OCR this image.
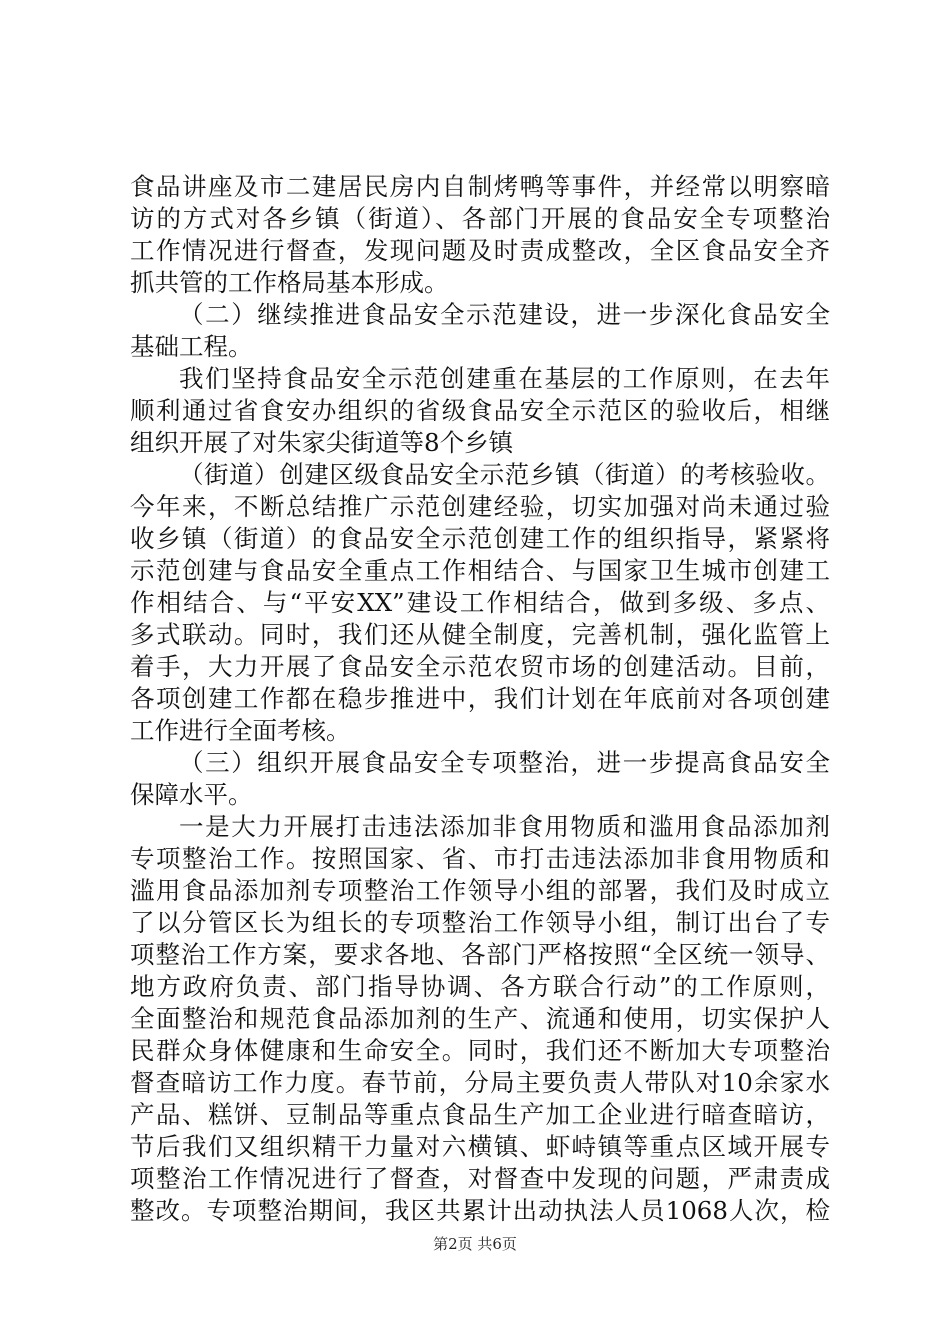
食品讲座及市二建居民房内自制烤鸭等事件，并经常以明察暗
访的方式对各乡镇（街道）、各部门开展的食品安全专项整治
工作情况进行督查，发现问题及时责成整改，全区食品安全齐
抓共管的工作格局基本形成。
（二）继续推进食品安全示范建设，进一步深化食品安全
基础工程。
我们坚持食品安全示范创建重在基层的工作原则，在去年
顺利通过省食安办组织的省级食品安全示范区的验收后，相继
组织开展了对朱家尖街道等8个乡镇
（街道）创建区级食品安全示范乡镇（街道）的考核验收。
今年来，不断总结推广示范创建经验，切实加强对尚未通过验
收乡镇（街道）的食品安全示范创建工作的组织指导，紧紧将
示范创建与食品安全重点工作相结合、与国家卫生城市创建工
作相结合、与“平安XX”建设工作相结合，做到多级、多点、
多式联动。同时，我们还从健全制度，完善机制，强化监管上
着手，大力开展了食品安全示范农贸市场的创建活动。目前，
各项创建工作都在稳步推进中，我们计划在年底前对各项创建
工作进行全面考核。
（三）组织开展食品安全专项整治，进一步提高食品安全
保障水平。
一是大力开展打击违法添加非食用物质和滥用食品添加剂
专项整治工作。按照国家、省、市打击违法添加非食用物质和
滥用食品添加剂专项整治工作领导小组的部署，我们及时成立
了以分管区长为组长的专项整治工作领导小组，制订出台了专
项整治工作方案，要求各地、各部门严格按照“全区统一领导、
地方政府负责、部门指导协调、各方联合行动”的工作原则，
全面整治和规范食品添加剂的生产、流通和使用，切实保护人
民群众身体健康和生命安全。同时，我们还不断加大专项整治
督查暗访工作力度。春节前，分局主要负责人带队对10余家水
产品、糕饼、豆制品等重点食品生产加工企业进行暗查暗访，
节后我们又组织精干力量对六横镇、虾峙镇等重点区域开展专
项整治工作情况进行了督查，对督查中发现的问题，严肃责成
整改。专项整治期间，我区共累计出动执法人员1068人次，检
第2页 共6页
